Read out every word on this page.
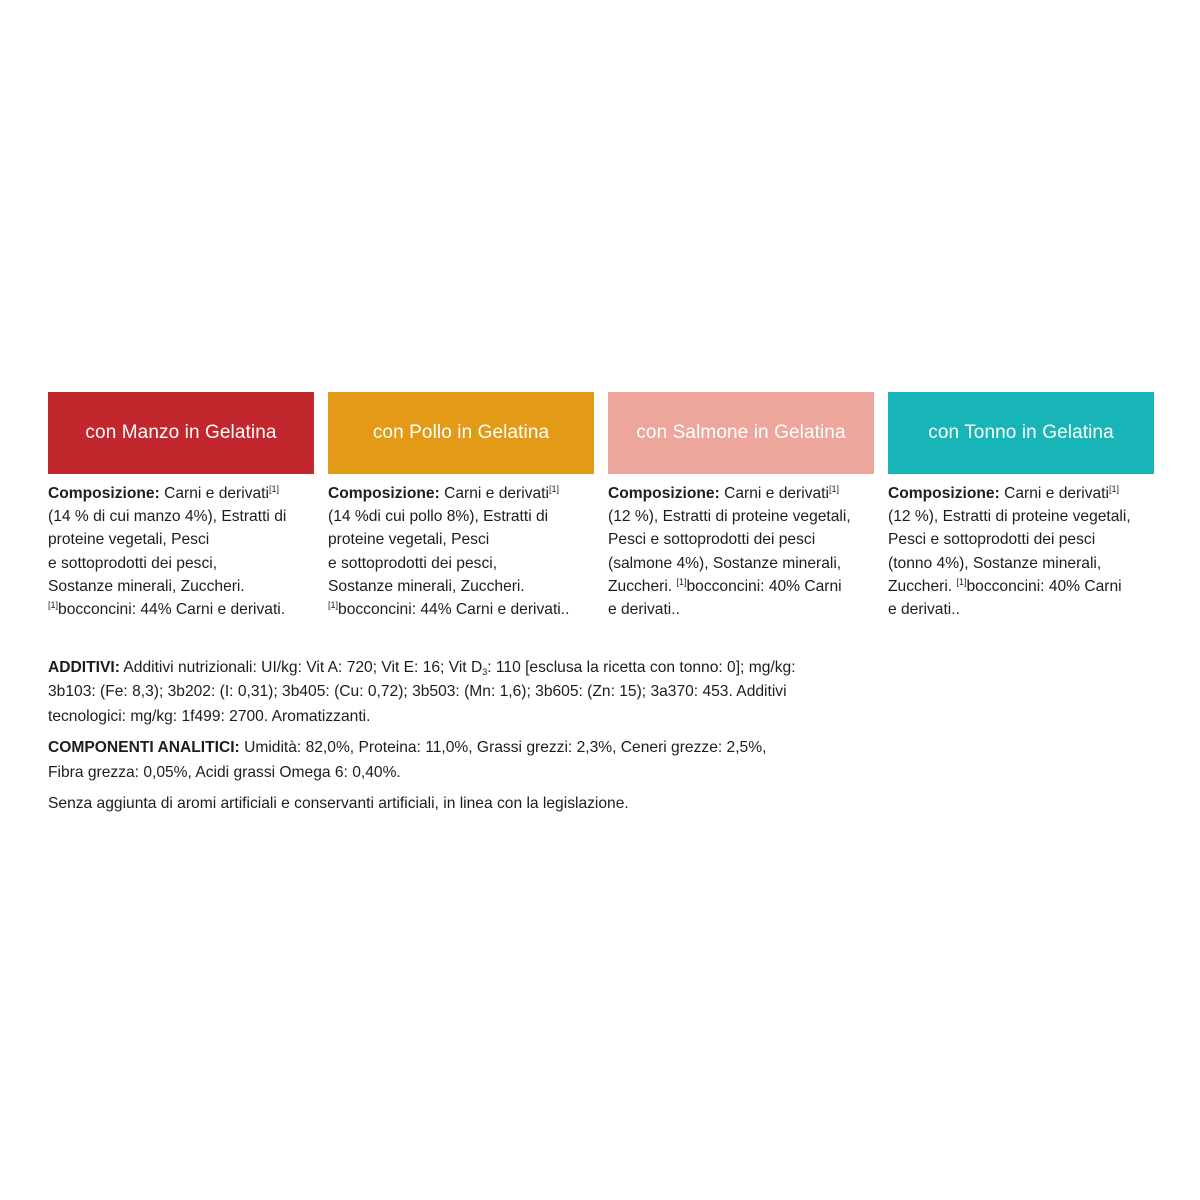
con Manzo in Gelatina
Composizione: Carni e derivati[1]
(14 % di cui manzo 4%), Estratti di
proteine vegetali, Pesci
e sottoprodotti dei pesci,
Sostanze minerali, Zuccheri.
[1]bocconcini: 44% Carni e derivati.
con Pollo in Gelatina
Composizione: Carni e derivati[1]
(14 %di cui pollo 8%), Estratti di
proteine vegetali, Pesci
e sottoprodotti dei pesci,
Sostanze minerali, Zuccheri.
[1]bocconcini: 44% Carni e derivati..
con Salmone in Gelatina
Composizione: Carni e derivati[1]
(12 %), Estratti di proteine vegetali,
Pesci e sottoprodotti dei pesci
(salmone 4%), Sostanze minerali,
Zuccheri. [1]bocconcini: 40% Carni
e derivati..
con Tonno in Gelatina
Composizione: Carni e derivati[1]
(12 %), Estratti di proteine vegetali,
Pesci e sottoprodotti dei pesci
(tonno 4%), Sostanze minerali,
Zuccheri. [1]bocconcini: 40% Carni
e derivati..
ADDITIVI: Additivi nutrizionali: UI/kg: Vit A: 720; Vit E: 16; Vit $D_3$: 110 [esclusa la ricetta con tonno: 0]; mg/kg:
3b103: (Fe: 8,3); 3b202: (I: 0,31); 3b405: (Cu: 0,72); 3b503: (Mn: 1,6); 3b605: (Zn: 15); 3a370: 453. Additivi
tecnologici: mg/kg: 1f499: 2700. Aromatizzanti.
COMPONENTI ANALITICI: Umidità: 82,0%, Proteina: 11,0%, Grassi grezzi: 2,3%, Ceneri grezze: 2,5%,
Fibra grezza: 0,05%, Acidi grassi Omega 6: 0,40%.
Senza aggiunta di aromi artificiali e conservanti artificiali, in linea con la legislazione.
